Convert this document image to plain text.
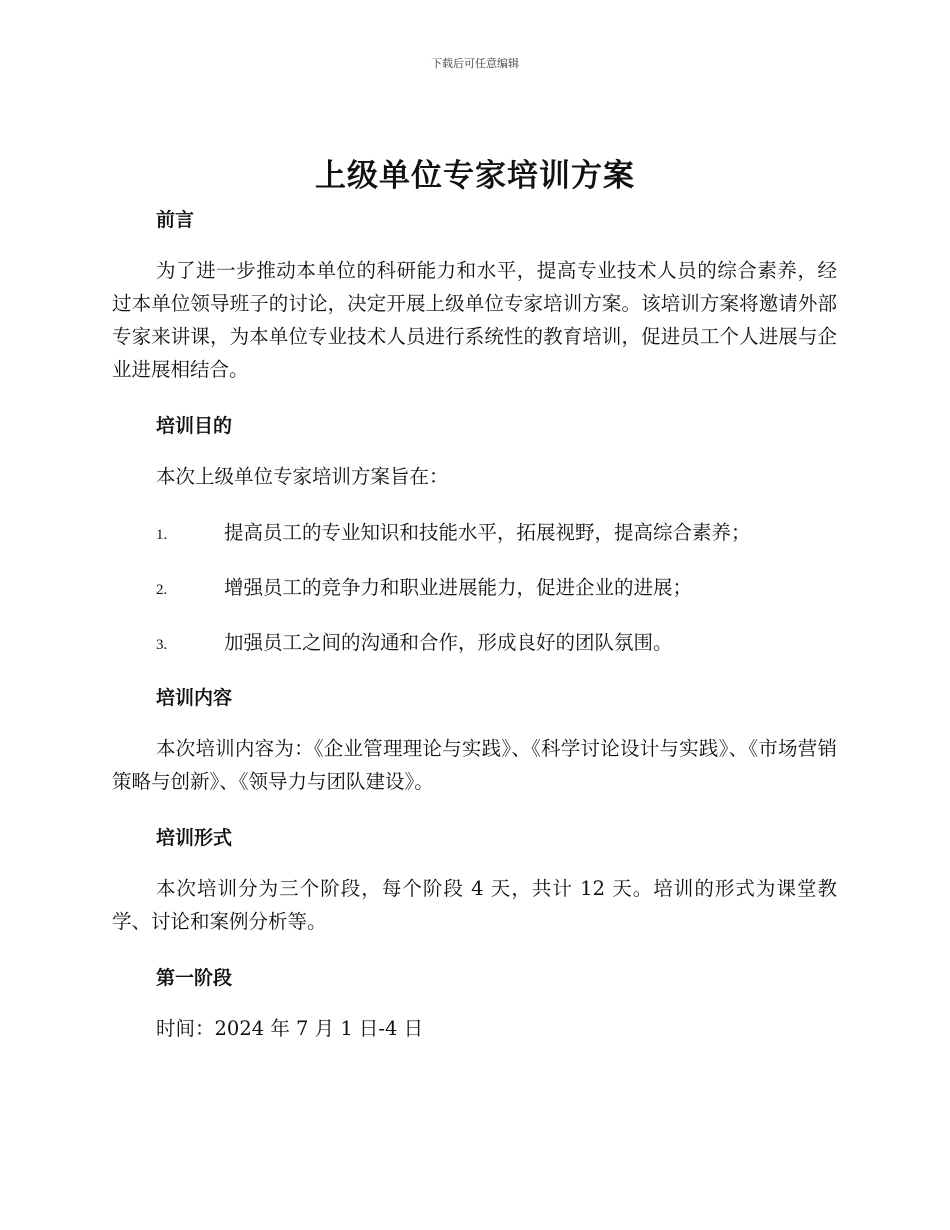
下载后可任意编辑
上级单位专家培训方案
前言

为了进一步推动本单位的科研能力和水平，提高专业技术人员的综合素养，经过本单位领导班子的讨论，决定开展上级单位专家培训方案。该培训方案将邀请外部专家来讲课，为本单位专业技术人员进行系统性的教育培训，促进员工个人进展与企业进展相结合。

培训目的

本次上级单位专家培训方案旨在：

1.	提高员工的专业知识和技能水平，拓展视野，提高综合素养；
2.	增强员工的竞争力和职业进展能力，促进企业的进展；
3.	加强员工之间的沟通和合作，形成良好的团队氛围。
培训内容

本次培训内容为：《企业管理理论与实践》、《科学讨论设计与实践》、《市场营销策略与创新》、《领导力与团队建设》。

培训形式

本次培训分为三个阶段，每个阶段 4 天，共计 12 天。培训的形式为课堂教学、讨论和案例分析等。

第一阶段

时间：2024 年 7 月 1 日-4 日
